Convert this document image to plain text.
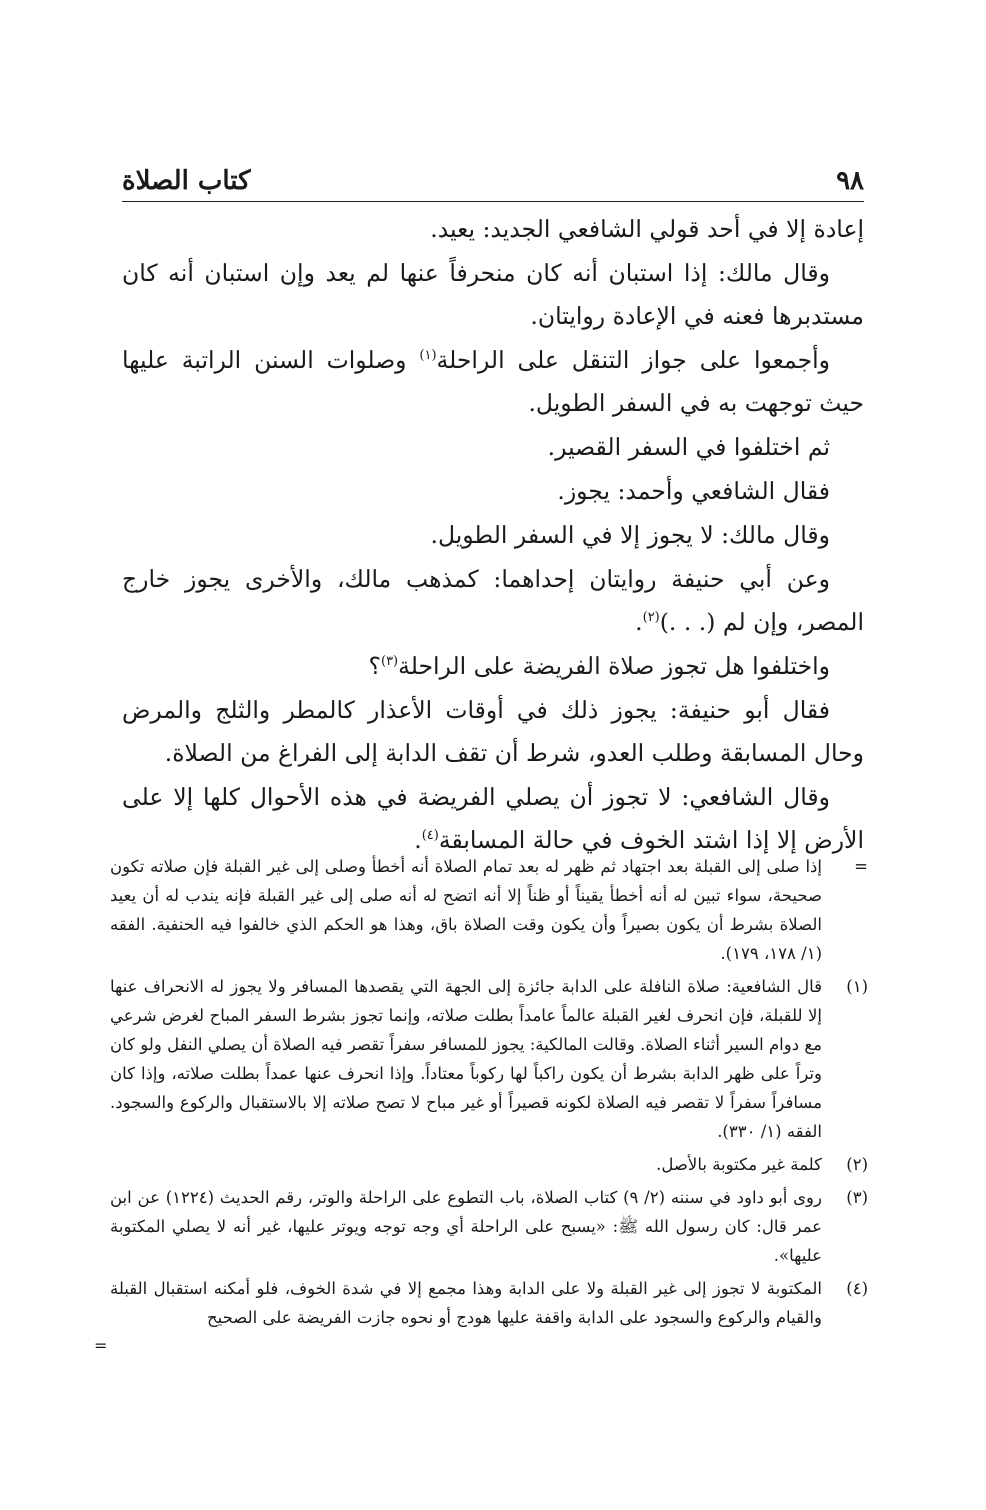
٩٨
كتاب الصلاة

إعادة إلا في أحد قولي الشافعي الجديد: يعيد.

وقال مالك: إذا استبان أنه كان منحرفاً عنها لم يعد وإن استبان أنه كان مستدبرها فعنه في الإعادة روايتان.

وأجمعوا على جواز التنقل على الراحلة$^{(١)}$ وصلوات السنن الراتبة عليها حيث توجهت به في السفر الطويل.

ثم اختلفوا في السفر القصير.

فقال الشافعي وأحمد: يجوز.

وقال مالك: لا يجوز إلا في السفر الطويل.

وعن أبي حنيفة روايتان إحداهما: كمذهب مالك، والأخرى يجوز خارج المصر، وإن لم (. . .)$^{(٢)}$.

واختلفوا هل تجوز صلاة الفريضة على الراحلة$^{(٣)}$؟

فقال أبو حنيفة: يجوز ذلك في أوقات الأعذار كالمطر والثلج والمرض وحال المسابقة وطلب العدو، شرط أن تقف الدابة إلى الفراغ من الصلاة.

وقال الشافعي: لا تجوز أن يصلي الفريضة في هذه الأحوال كلها إلا على الأرض إلا إذا اشتد الخوف في حالة المسابقة$^{(٤)}$.

=
إذا صلى إلى القبلة بعد اجتهاد ثم ظهر له بعد تمام الصلاة أنه أخطأ وصلى إلى غير القبلة فإن صلاته تكون صحيحة، سواء تبين له أنه أخطأ يقيناً أو ظناً إلا أنه اتضح له أنه صلى إلى غير القبلة فإنه يندب له أن يعيد الصلاة بشرط أن يكون بصيراً وأن يكون وقت الصلاة باق، وهذا هو الحكم الذي خالفوا فيه الحنفية. الفقه (١/ ١٧٨، ١٧٩).
(١)
قال الشافعية: صلاة النافلة على الدابة جائزة إلى الجهة التي يقصدها المسافر ولا يجوز له الانحراف عنها إلا للقبلة، فإن انحرف لغير القبلة عالماً عامداً بطلت صلاته، وإنما تجوز بشرط السفر المباح لغرض شرعي مع دوام السير أثناء الصلاة. وقالت المالكية: يجوز للمسافر سفراً تقصر فيه الصلاة أن يصلي النفل ولو كان وتراً على ظهر الدابة بشرط أن يكون راكباً لها ركوباً معتاداً. وإذا انحرف عنها عمداً بطلت صلاته، وإذا كان مسافراً سفراً لا تقصر فيه الصلاة لكونه قصيراً أو غير مباح لا تصح صلاته إلا بالاستقبال والركوع والسجود. الفقه (١/ ٣٣٠).
(٢)
كلمة غير مكتوبة بالأصل.
(٣)
روى أبو داود في سننه (٢/ ٩) كتاب الصلاة، باب التطوع على الراحلة والوتر، رقم الحديث (١٢٢٤) عن ابن عمر قال: كان رسول الله ﷺ: «يسبح على الراحلة أي وجه توجه ويوتر عليها، غير أنه لا يصلي المكتوبة عليها».
(٤)
المكتوبة لا تجوز إلى غير القبلة ولا على الدابة وهذا مجمع إلا في شدة الخوف، فلو أمكنه استقبال القبلة والقيام والركوع والسجود على الدابة واقفة عليها هودج أو نحوه جازت الفريضة على الصحيح
=
